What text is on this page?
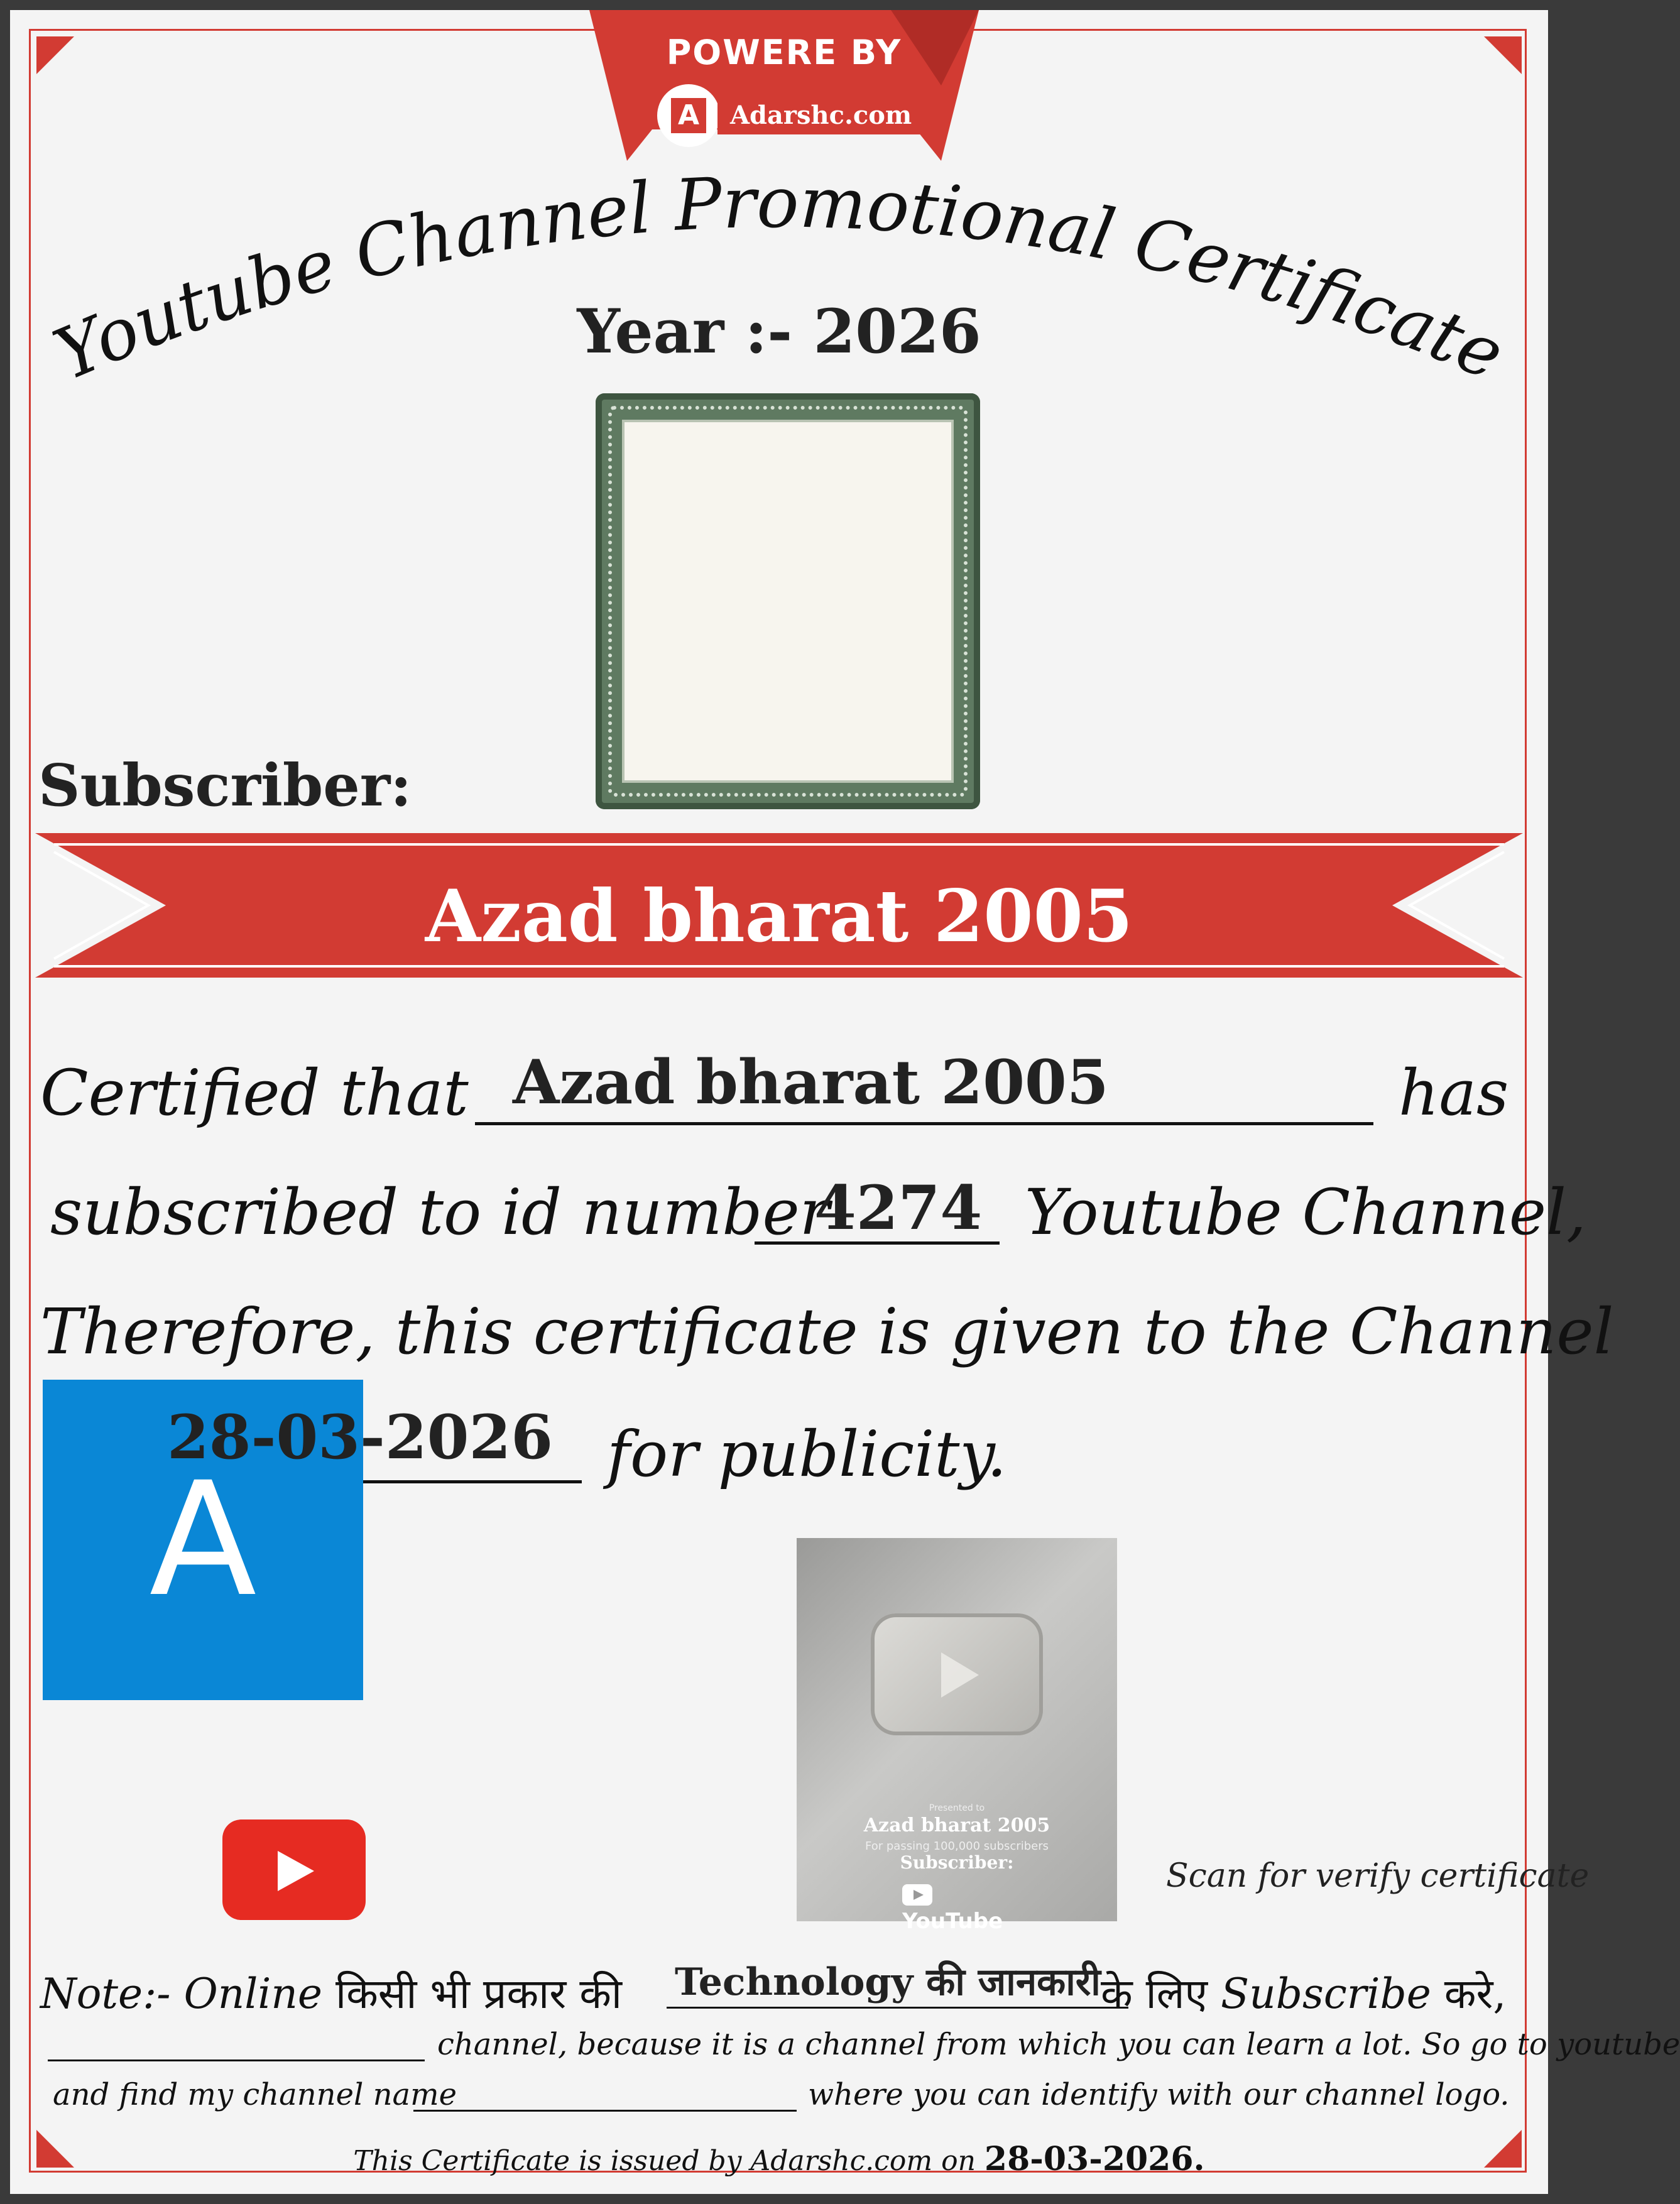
POWERE BY
A	Adarshc.com
Youtube Channel Promotional Certificate
Year :- 2026
Subscriber:
Azad bharat 2005
Certified that Azad bharat 2005	has
subscribed to id number
4274 Youtube Channel,
Therefore, this certificate is given to the Channel
for publicity.
A
28-03-2026
Presented to
Azad bharat 2005
For passing 100,000 subscribers
Subscriber:
YouTube
Scan for verify certificate
Note:- Online किसी भी प्रकार की	के लिए Subscribe करे,
Technology की जानकारी
channel, because it is a channel from which you can learn a lot. So go to youtube
and find my channel name	where you can identify with our channel logo.
This Certificate is issued by Adarshc.com on 28-03-2026.
